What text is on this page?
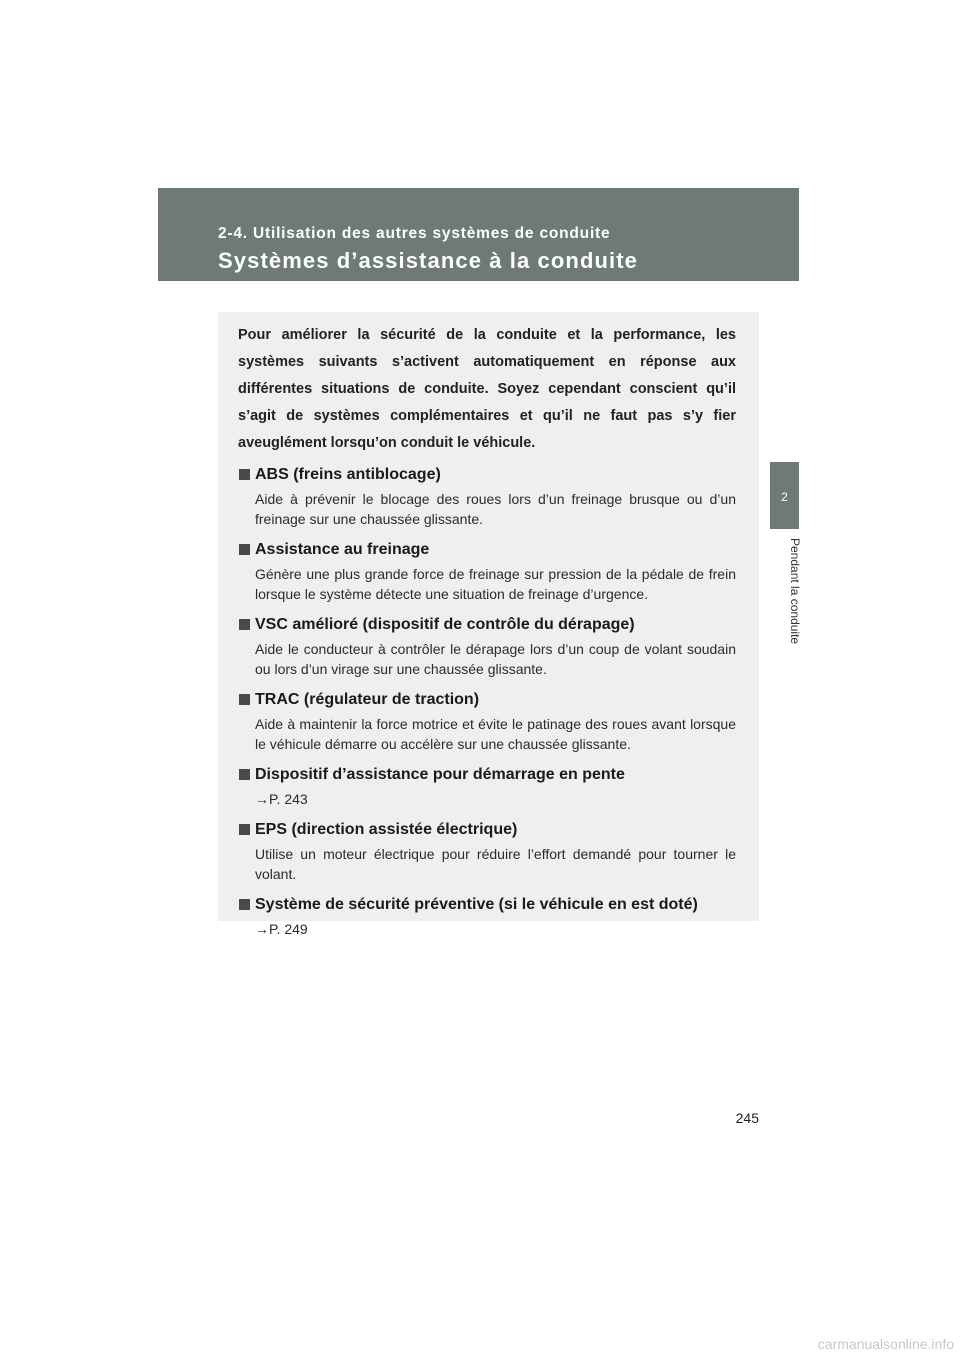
2-4. Utilisation des autres systèmes de conduite
Systèmes d’assistance à la conduite
2
Pendant la conduite

Pour améliorer la sécurité de la conduite et la performance, les systèmes suivants s’activent automatiquement en réponse aux différentes situations de conduite. Soyez cependant conscient qu’il s’agit de systèmes complémentaires et qu’il ne faut pas s’y fier aveuglément lorsqu’on conduit le véhicule.

ABS (freins antiblocage)

Aide à prévenir le blocage des roues lors d’un freinage brusque ou d’un freinage sur une chaussée glissante.

Assistance au freinage

Génère une plus grande force de freinage sur pression de la pédale de frein lorsque le système détecte une situation de freinage d’urgence.

VSC amélioré (dispositif de contrôle du dérapage)

Aide le conducteur à contrôler le dérapage lors d’un coup de volant soudain ou lors d’un virage sur une chaussée glissante.

TRAC (régulateur de traction)

Aide à maintenir la force motrice et évite le patinage des roues avant lorsque le véhicule démarre ou accélère sur une chaussée glissante.

Dispositif d’assistance pour démarrage en pente

→P. 243

EPS (direction assistée électrique)

Utilise un moteur électrique pour réduire l’effort demandé pour tourner le volant.

Système de sécurité préventive (si le véhicule en est doté)

→P. 249

245
carmanualsonline.info
